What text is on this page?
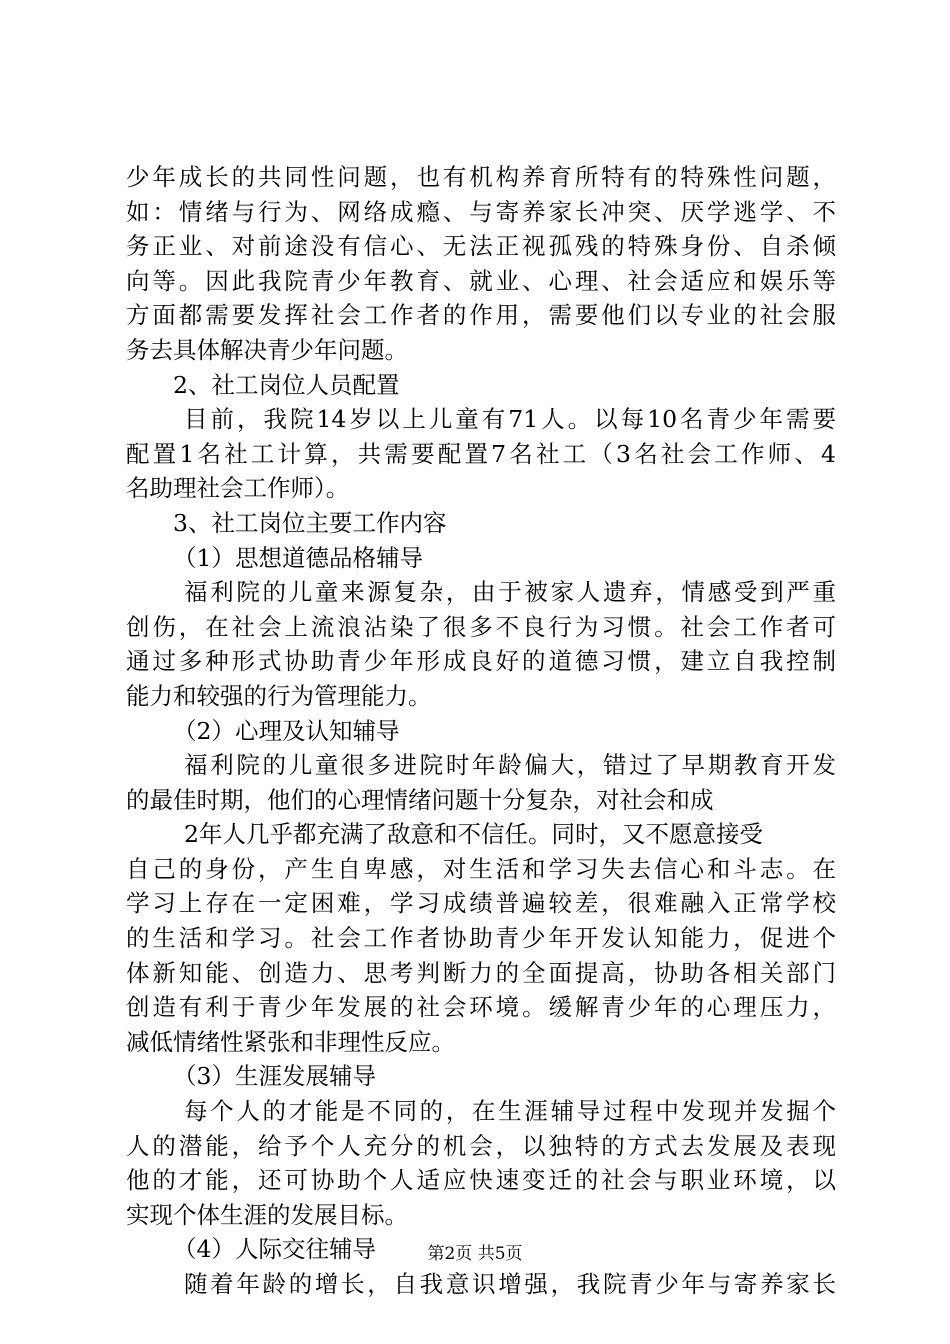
少年成长的共同性问题，也有机构养育所特有的特殊性问题，
如：情绪与行为、网络成瘾、与寄养家长冲突、厌学逃学、不
务正业、对前途没有信心、无法正视孤残的特殊身份、自杀倾
向等。因此我院青少年教育、就业、心理、社会适应和娱乐等
方面都需要发挥社会工作者的作用，需要他们以专业的社会服
务去具体解决青少年问题。
2、社工岗位人员配置
目前，我院14岁以上儿童有71人。以每10名青少年需要
配置1名社工计算，共需要配置7名社工（3名社会工作师、4
名助理社会工作师）。
3、社工岗位主要工作内容
（1）思想道德品格辅导
福利院的儿童来源复杂，由于被家人遗弃，情感受到严重
创伤，在社会上流浪沾染了很多不良行为习惯。社会工作者可
通过多种形式协助青少年形成良好的道德习惯，建立自我控制
能力和较强的行为管理能力。
（2）心理及认知辅导
福利院的儿童很多进院时年龄偏大，错过了早期教育开发
的最佳时期，他们的心理情绪问题十分复杂，对社会和成
2年人几乎都充满了敌意和不信任。同时，又不愿意接受
自己的身份，产生自卑感，对生活和学习失去信心和斗志。在
学习上存在一定困难，学习成绩普遍较差，很难融入正常学校
的生活和学习。社会工作者协助青少年开发认知能力，促进个
体新知能、创造力、思考判断力的全面提高，协助各相关部门
创造有利于青少年发展的社会环境。缓解青少年的心理压力，
减低情绪性紧张和非理性反应。
（3）生涯发展辅导
每个人的才能是不同的，在生涯辅导过程中发现并发掘个
人的潜能，给予个人充分的机会，以独特的方式去发展及表现
他的才能，还可协助个人适应快速变迁的社会与职业环境，以
实现个体生涯的发展目标。
（4）人际交往辅导
随着年龄的增长，自我意识增强，我院青少年与寄养家长
第2页 共5页
